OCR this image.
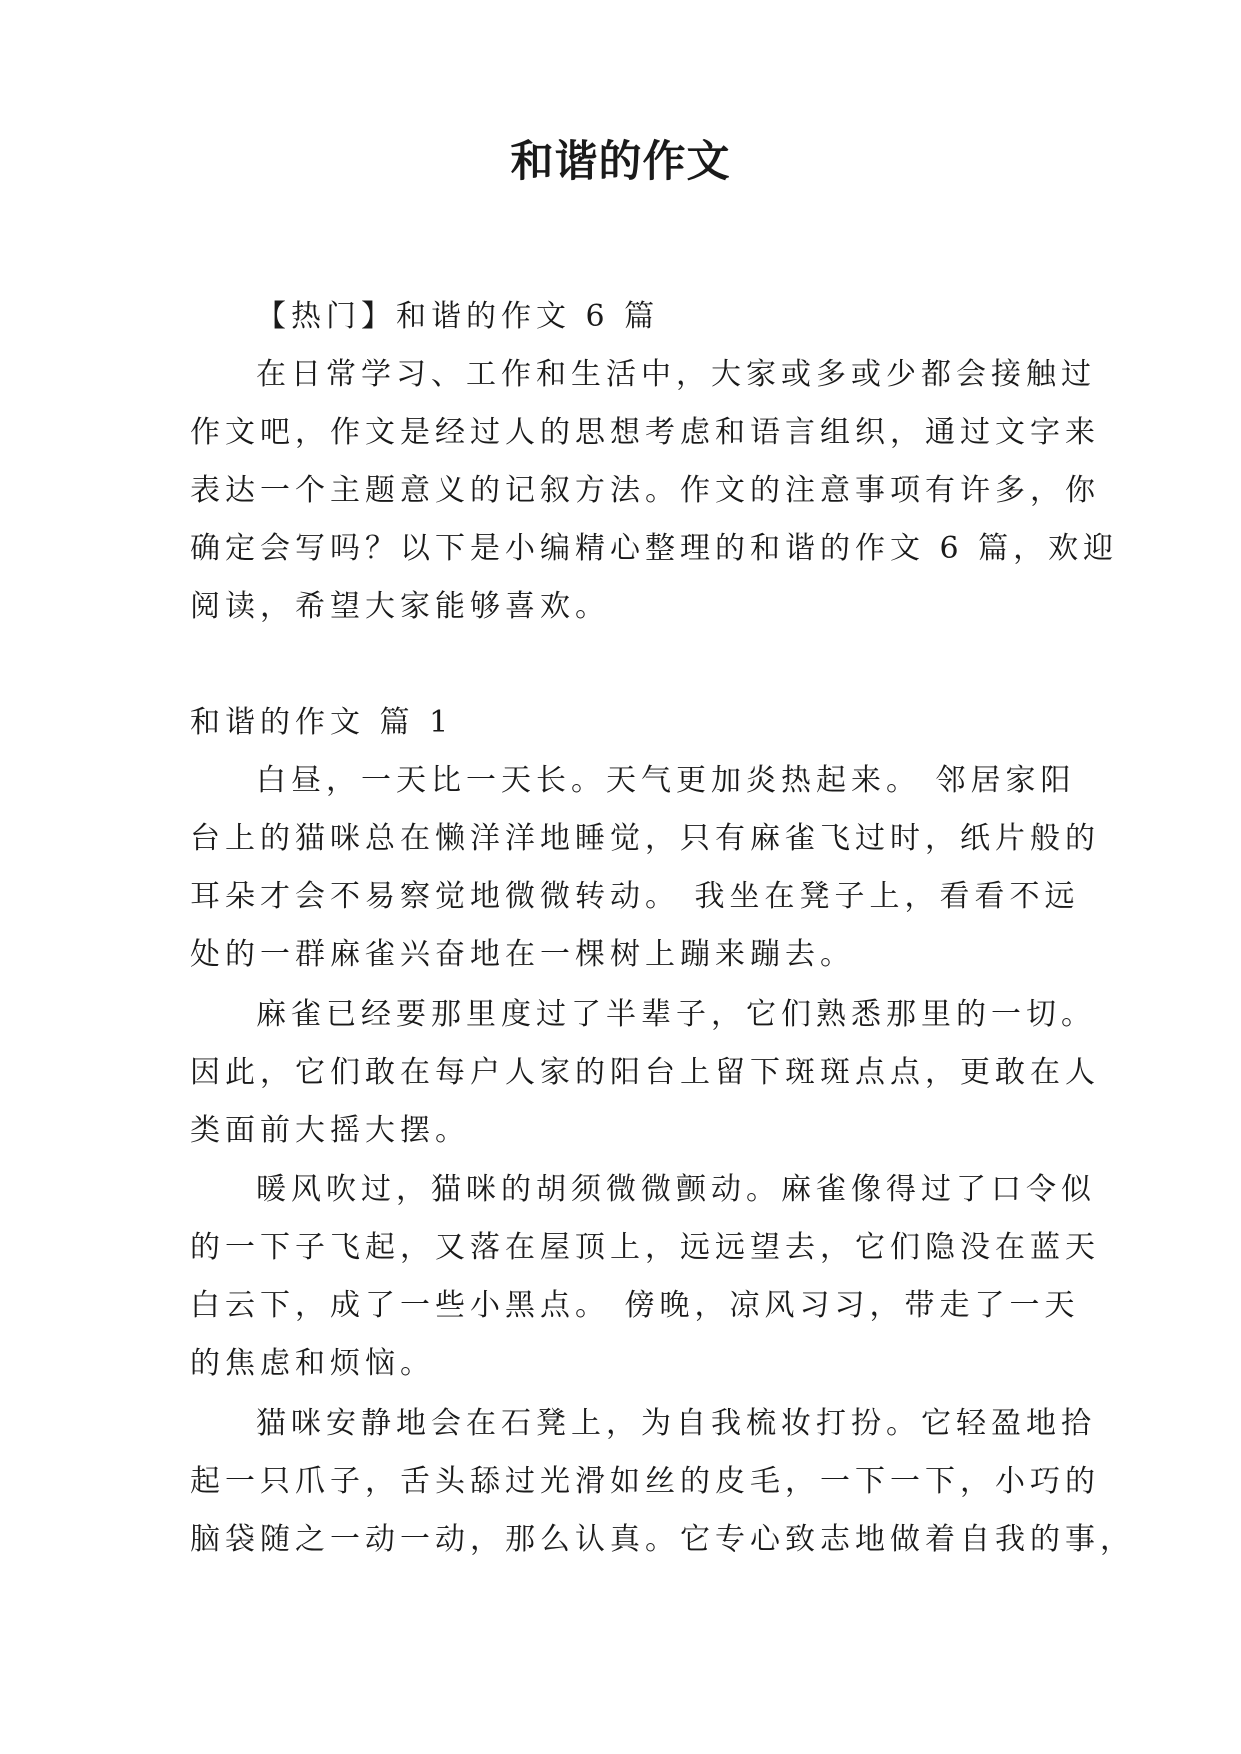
和谐的作文
【热门】和谐的作文 6 篇
在日常学习、工作和生活中，大家或多或少都会接触过
作文吧，作文是经过人的思想考虑和语言组织，通过文字来
表达一个主题意义的记叙方法。作文的注意事项有许多，你
确定会写吗？以下是小编精心整理的和谐的作文 6 篇，欢迎
阅读，希望大家能够喜欢。
和谐的作文 篇 1
白昼，一天比一天长。天气更加炎热起来。 邻居家阳
台上的猫咪总在懒洋洋地睡觉，只有麻雀飞过时，纸片般的
耳朵才会不易察觉地微微转动。 我坐在凳子上，看看不远
处的一群麻雀兴奋地在一棵树上蹦来蹦去。
麻雀已经要那里度过了半辈子，它们熟悉那里的一切。
因此，它们敢在每户人家的阳台上留下斑斑点点，更敢在人
类面前大摇大摆。
暖风吹过，猫咪的胡须微微颤动。麻雀像得过了口令似
的一下子飞起，又落在屋顶上，远远望去，它们隐没在蓝天
白云下，成了一些小黑点。 傍晚，凉风习习，带走了一天
的焦虑和烦恼。
猫咪安静地会在石凳上，为自我梳妆打扮。它轻盈地拾
起一只爪子，舌头舔过光滑如丝的皮毛，一下一下，小巧的
脑袋随之一动一动，那么认真。它专心致志地做着自我的事，
